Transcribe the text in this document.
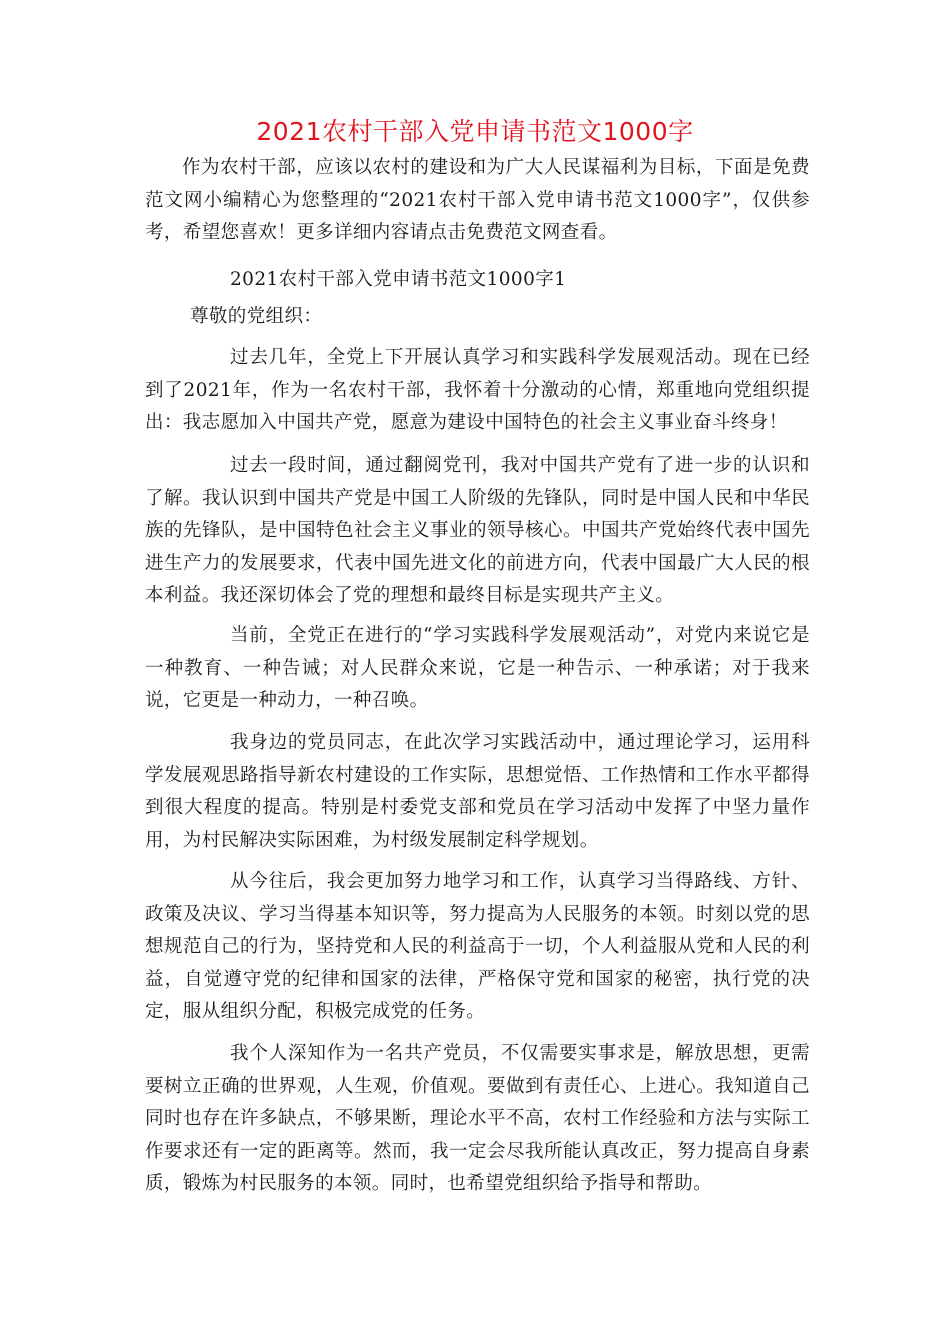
2021农村干部入党申请书范文1000字

作为农村干部，应该以农村的建设和为广大人民谋福利为目标，下面是免费范文网小编精心为您整理的“2021农村干部入党申请书范文1000字”，仅供参考，希望您喜欢！更多详细内容请点击免费范文网查看。

2021农村干部入党申请书范文1000字1

尊敬的党组织：

过去几年，全党上下开展认真学习和实践科学发展观活动。现在已经到了2021年，作为一名农村干部，我怀着十分激动的心情，郑重地向党组织提出：我志愿加入中国共产党，愿意为建设中国特色的社会主义事业奋斗终身！

过去一段时间，通过翻阅党刊，我对中国共产党有了进一步的认识和了解。我认识到中国共产党是中国工人阶级的先锋队，同时是中国人民和中华民族的先锋队，是中国特色社会主义事业的领导核心。中国共产党始终代表中国先进生产力的发展要求，代表中国先进文化的前进方向，代表中国最广大人民的根本利益。我还深切体会了党的理想和最终目标是实现共产主义。

当前，全党正在进行的“学习实践科学发展观活动”，对党内来说它是一种教育、一种告诫；对人民群众来说，它是一种告示、一种承诺；对于我来说，它更是一种动力，一种召唤。

我身边的党员同志，在此次学习实践活动中，通过理论学习，运用科学发展观思路指导新农村建设的工作实际，思想觉悟、工作热情和工作水平都得到很大程度的提高。特别是村委党支部和党员在学习活动中发挥了中坚力量作用，为村民解决实际困难，为村级发展制定科学规划。

从今往后，我会更加努力地学习和工作，认真学习当得路线、方针、政策及决议、学习当得基本知识等，努力提高为人民服务的本领。时刻以党的思想规范自己的行为，坚持党和人民的利益高于一切，个人利益服从党和人民的利益，自觉遵守党的纪律和国家的法律，严格保守党和国家的秘密，执行党的决定，服从组织分配，积极完成党的任务。

我个人深知作为一名共产党员，不仅需要实事求是，解放思想，更需要树立正确的世界观，人生观，价值观。要做到有责任心、上进心。我知道自己同时也存在许多缺点，不够果断，理论水平不高，农村工作经验和方法与实际工作要求还有一定的距离等。然而，我一定会尽我所能认真改正，努力提高自身素质，锻炼为村民服务的本领。同时，也希望党组织给予指导和帮助。
